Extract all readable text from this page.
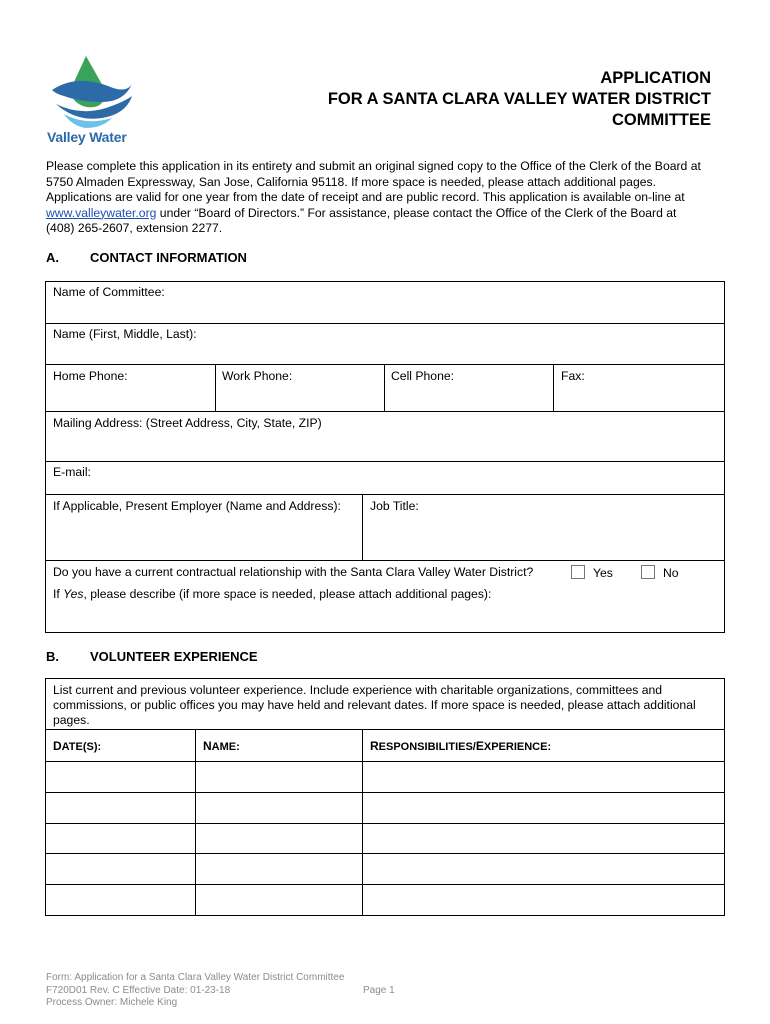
Valley Water
APPLICATION
FOR A SANTA CLARA VALLEY WATER DISTRICT
COMMITTEE
Please complete this application in its entirety and submit an original signed copy to the Office of the Clerk of the Board at
5750 Almaden Expressway, San Jose, California 95118. If more space is needed, please attach additional pages.
Applications are valid for one year from the date of receipt and are public record. This application is available on-line at
www.valleywater.org under “Board of Directors.” For assistance, please contact the Office of the Clerk of the Board at
(408) 265-2607, extension 2277.
A. CONTACT INFORMATION
Name of Committee:
Name (First, Middle, Last):
Home Phone:	Work Phone:	Cell Phone:	Fax:
Mailing Address: (Street Address, City, State, ZIP)
E-mail:
If Applicable, Present Employer (Name and Address): Job Title:
Do you have a current contractual relationship with the Santa Clara Valley Water District?	Yes	No
If Yes, please describe (if more space is needed, please attach additional pages):
B. VOLUNTEER EXPERIENCE
List current and previous volunteer experience. Include experience with charitable organizations, committees and commissions, or public offices you may have held and relevant dates. If more space is needed, please attach additional pages.
DATE(S):	NAME:	RESPONSIBILITIES/EXPERIENCE:
Form: Application for a Santa Clara Valley Water District Committee
F720D01 Rev. C Effective Date: 01-23-18
Process Owner: Michele King
Page 1
